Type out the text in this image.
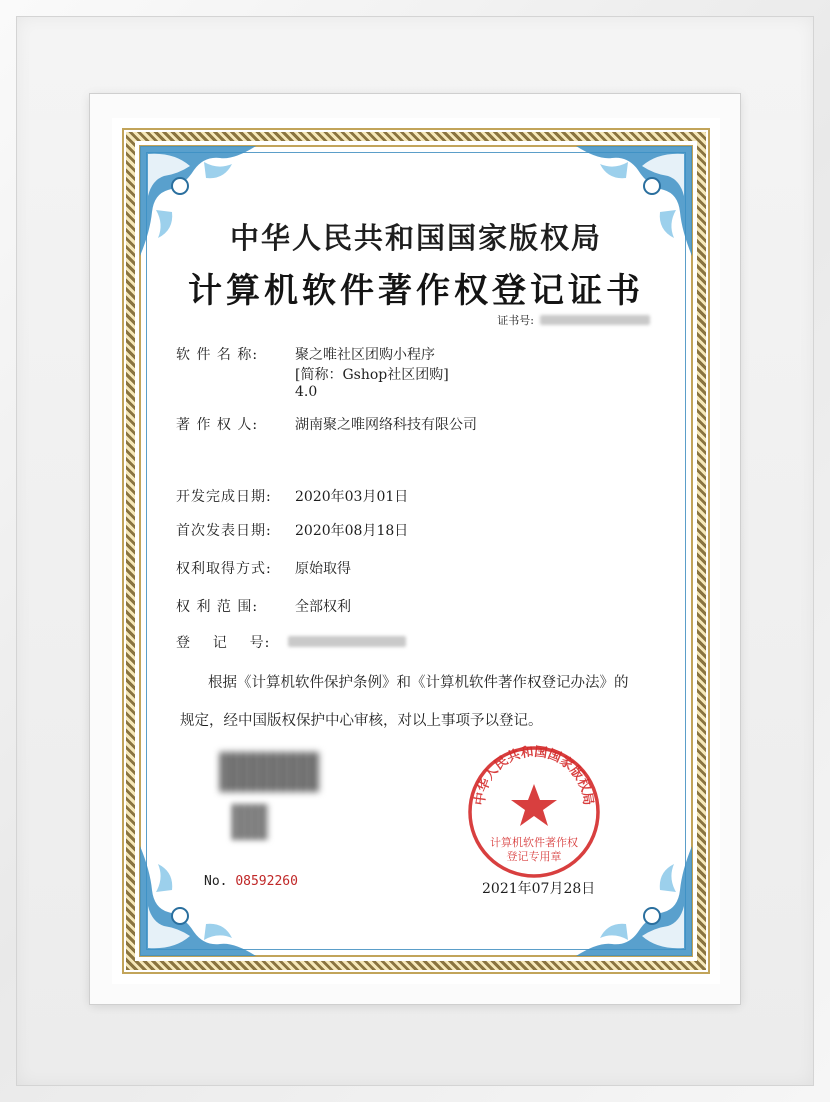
中华人民共和国国家版权局
计算机软件著作权登记证书
证书号:
软 件 名 称:	聚之唯社区团购小程序
[简称：Gshop社区团购]
4.0
著 作 权 人:	湖南聚之唯网络科技有限公司
开发完成日期: 2020年03月01日
首次发表日期: 2020年08月18日
权利取得方式: 原始取得
权 利 范 围:	全部权利
登    记    号:
根据《计算机软件保护条例》和《计算机软件著作权登记办法》的
规定，经中国版权保护中心审核，对以上事项予以登记。
中华人民共和国国家版权局
计算机软件著作权
登记专用章
No. 08592260	2021年07月28日
